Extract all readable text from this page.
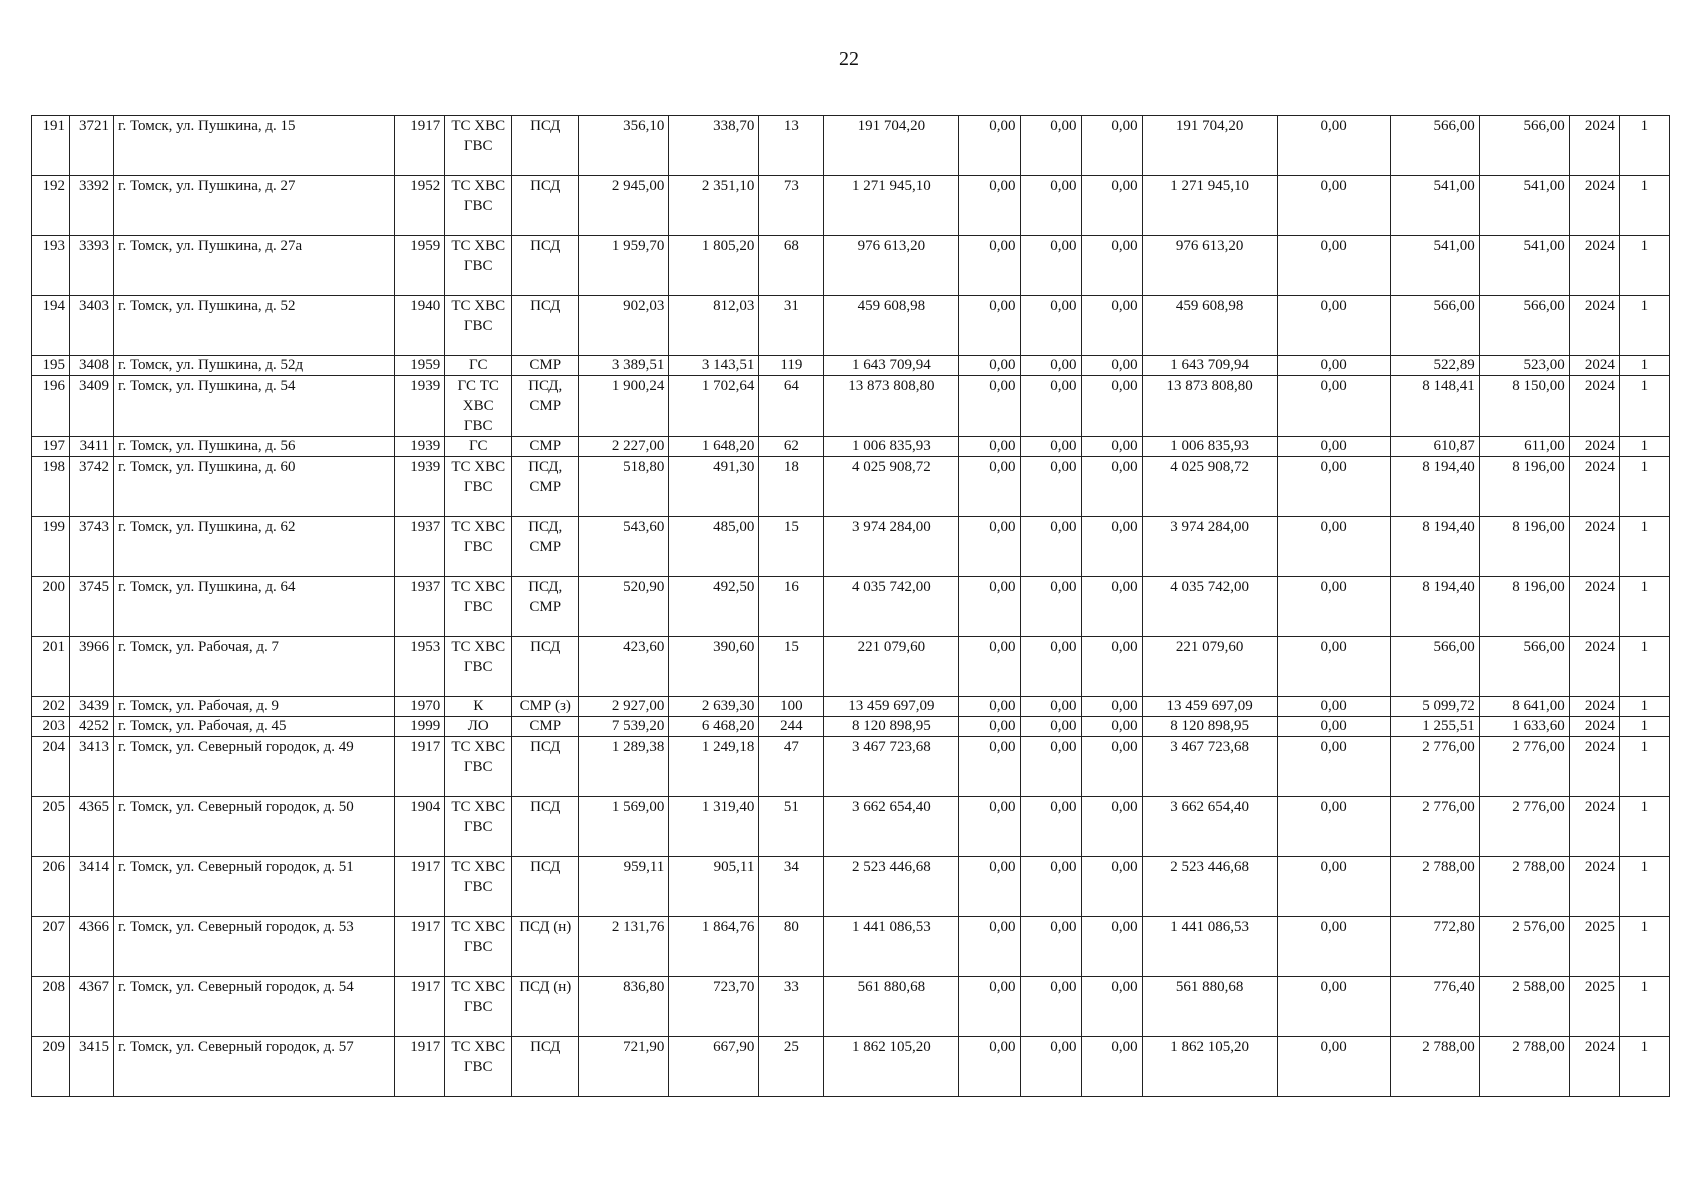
22
191	3721	г. Томск, ул. Пушкина, д. 15	1917	ТС ХВС ГВС	ПСД	356,10	338,70	13	191 704,20	0,00	0,00	0,00	191 704,20	0,00	566,00	566,00	2024	1
192	3392	г. Томск, ул. Пушкина, д. 27	1952	ТС ХВС ГВС	ПСД	2 945,00	2 351,10	73	1 271 945,10	0,00	0,00	0,00	1 271 945,10	0,00	541,00	541,00	2024	1
193	3393	г. Томск, ул. Пушкина, д. 27а	1959	ТС ХВС ГВС	ПСД	1 959,70	1 805,20	68	976 613,20	0,00	0,00	0,00	976 613,20	0,00	541,00	541,00	2024	1
194	3403	г. Томск, ул. Пушкина, д. 52	1940	ТС ХВС ГВС	ПСД	902,03	812,03	31	459 608,98	0,00	0,00	0,00	459 608,98	0,00	566,00	566,00	2024	1
195	3408	г. Томск, ул. Пушкина, д. 52д	1959	ГС	СМР	3 389,51	3 143,51	119	1 643 709,94	0,00	0,00	0,00	1 643 709,94	0,00	522,89	523,00	2024	1
196	3409	г. Томск, ул. Пушкина, д. 54	1939	ГС ТС ХВС ГВС	ПСД, СМР	1 900,24	1 702,64	64	13 873 808,80	0,00	0,00	0,00	13 873 808,80	0,00	8 148,41	8 150,00	2024	1
197	3411	г. Томск, ул. Пушкина, д. 56	1939	ГС	СМР	2 227,00	1 648,20	62	1 006 835,93	0,00	0,00	0,00	1 006 835,93	0,00	610,87	611,00	2024	1
198	3742	г. Томск, ул. Пушкина, д. 60	1939	ТС ХВС ГВС	ПСД, СМР	518,80	491,30	18	4 025 908,72	0,00	0,00	0,00	4 025 908,72	0,00	8 194,40	8 196,00	2024	1
199	3743	г. Томск, ул. Пушкина, д. 62	1937	ТС ХВС ГВС	ПСД, СМР	543,60	485,00	15	3 974 284,00	0,00	0,00	0,00	3 974 284,00	0,00	8 194,40	8 196,00	2024	1
200	3745	г. Томск, ул. Пушкина, д. 64	1937	ТС ХВС ГВС	ПСД, СМР	520,90	492,50	16	4 035 742,00	0,00	0,00	0,00	4 035 742,00	0,00	8 194,40	8 196,00	2024	1
201	3966	г. Томск, ул. Рабочая, д. 7	1953	ТС ХВС ГВС	ПСД	423,60	390,60	15	221 079,60	0,00	0,00	0,00	221 079,60	0,00	566,00	566,00	2024	1
202	3439	г. Томск, ул. Рабочая, д. 9	1970	К	СМР (з)	2 927,00	2 639,30	100	13 459 697,09	0,00	0,00	0,00	13 459 697,09	0,00	5 099,72	8 641,00	2024	1
203	4252	г. Томск, ул. Рабочая, д. 45	1999	ЛО	СМР	7 539,20	6 468,20	244	8 120 898,95	0,00	0,00	0,00	8 120 898,95	0,00	1 255,51	1 633,60	2024	1
204	3413	г. Томск, ул. Северный городок, д. 49	1917	ТС ХВС ГВС	ПСД	1 289,38	1 249,18	47	3 467 723,68	0,00	0,00	0,00	3 467 723,68	0,00	2 776,00	2 776,00	2024	1
205	4365	г. Томск, ул. Северный городок, д. 50	1904	ТС ХВС ГВС	ПСД	1 569,00	1 319,40	51	3 662 654,40	0,00	0,00	0,00	3 662 654,40	0,00	2 776,00	2 776,00	2024	1
206	3414	г. Томск, ул. Северный городок, д. 51	1917	ТС ХВС ГВС	ПСД	959,11	905,11	34	2 523 446,68	0,00	0,00	0,00	2 523 446,68	0,00	2 788,00	2 788,00	2024	1
207	4366	г. Томск, ул. Северный городок, д. 53	1917	ТС ХВС ГВС	ПСД (н)	2 131,76	1 864,76	80	1 441 086,53	0,00	0,00	0,00	1 441 086,53	0,00	772,80	2 576,00	2025	1
208	4367	г. Томск, ул. Северный городок, д. 54	1917	ТС ХВС ГВС	ПСД (н)	836,80	723,70	33	561 880,68	0,00	0,00	0,00	561 880,68	0,00	776,40	2 588,00	2025	1
209	3415	г. Томск, ул. Северный городок, д. 57	1917	ТС ХВС ГВС	ПСД	721,90	667,90	25	1 862 105,20	0,00	0,00	0,00	1 862 105,20	0,00	2 788,00	2 788,00	2024	1
